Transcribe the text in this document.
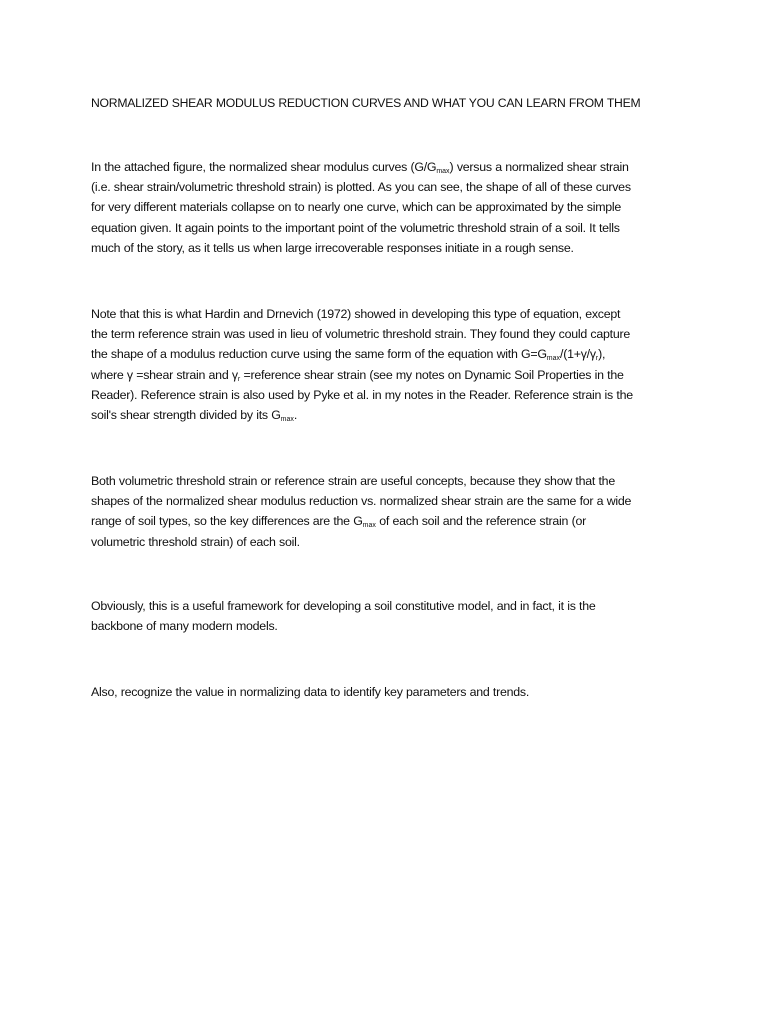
NORMALIZED SHEAR MODULUS REDUCTION CURVES AND WHAT YOU CAN LEARN FROM THEM

In the attached figure, the normalized shear modulus curves $(G/G_{max})$ versus a normalized shear strain
(i.e. shear strain/volumetric threshold strain) is plotted. As you can see, the shape of all of these curves
for very different materials collapse on to nearly one curve, which can be approximated by the simple
equation given. It again points to the important point of the volumetric threshold strain of a soil. It tells
much of the story, as it tells us when large irrecoverable responses initiate in a rough sense.

Note that this is what Hardin and Drnevich (1972) showed in developing this type of equation, except
the term reference strain was used in lieu of volumetric threshold strain. They found they could capture
the shape of a modulus reduction curve using the same form of the equation with $G=G_{max}/(1+\gamma/\gamma_r)$,
where γ =shear strain and $\gamma_r$ =reference shear strain (see my notes on Dynamic Soil Properties in the
Reader). Reference strain is also used by Pyke et al. in my notes in the Reader. Reference strain is the
soil's shear strength divided by its $G_{max}$.

Both volumetric threshold strain or reference strain are useful concepts, because they show that the
shapes of the normalized shear modulus reduction vs. normalized shear strain are the same for a wide
range of soil types, so the key differences are the $G_{max}$ of each soil and the reference strain (or
volumetric threshold strain) of each soil.

Obviously, this is a useful framework for developing a soil constitutive model, and in fact, it is the
backbone of many modern models.

Also, recognize the value in normalizing data to identify key parameters and trends.
